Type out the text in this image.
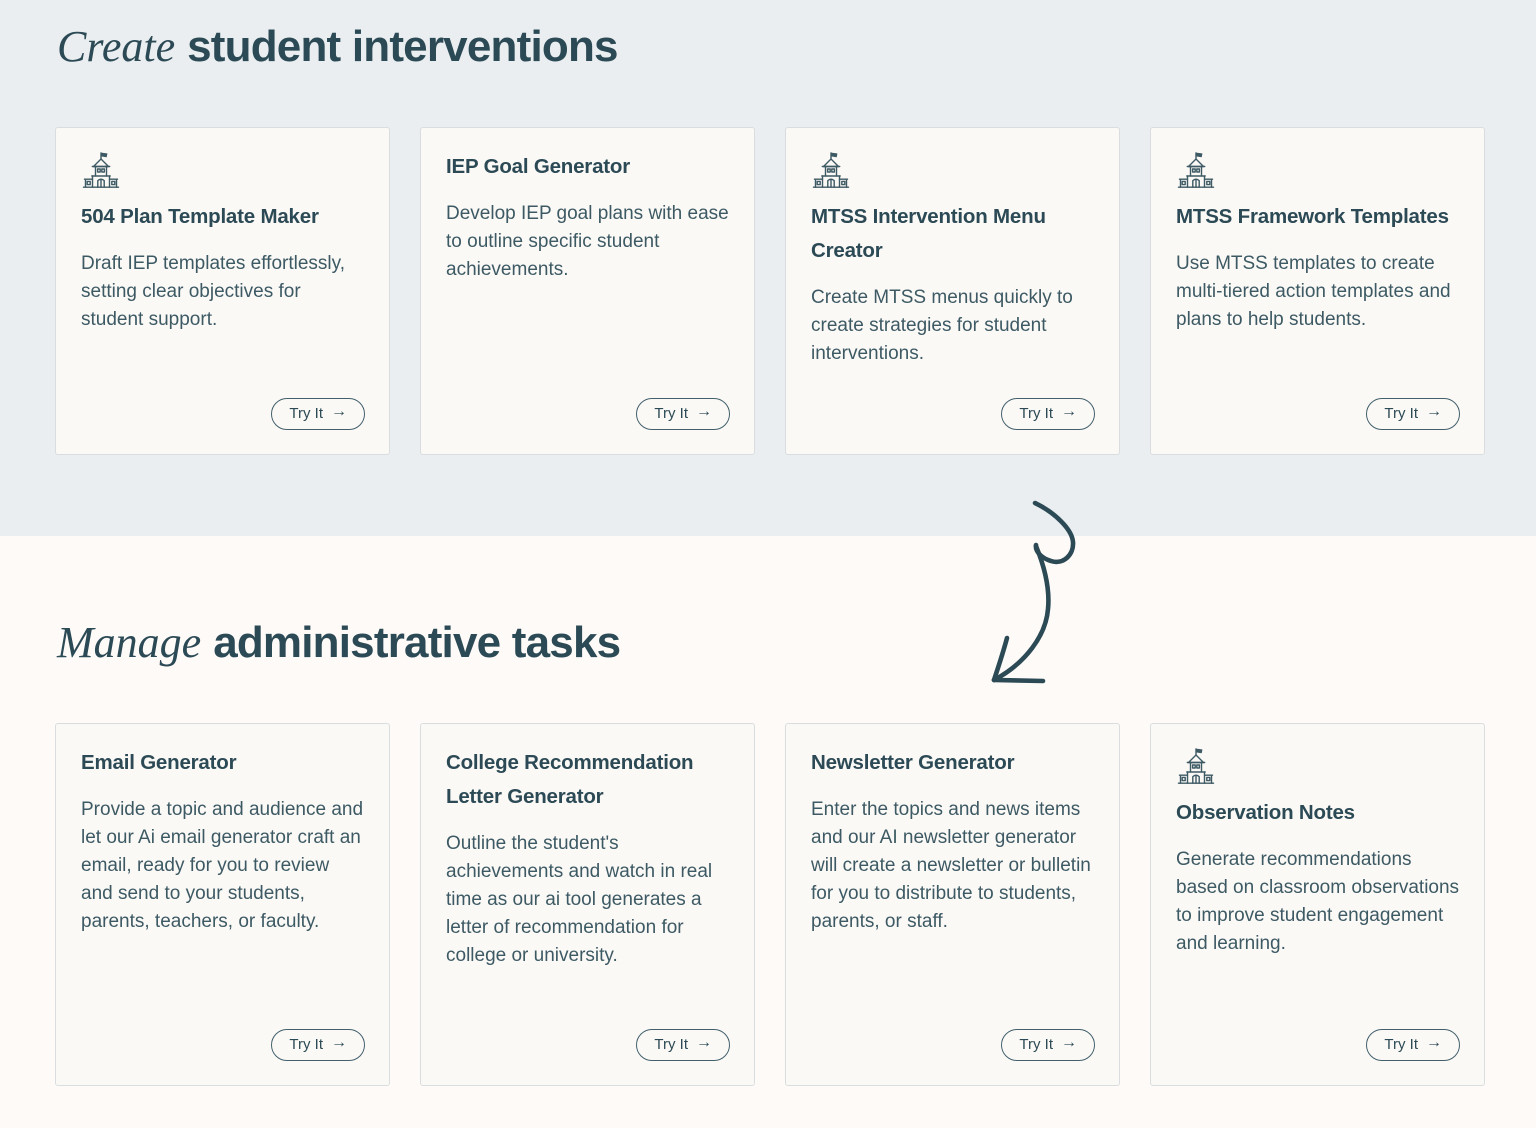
Create student interventions
504 Plan Template Maker

Draft IEP templates effortlessly, setting clear objectives for student support.

Try It →
IEP Goal Generator

Develop IEP goal plans with ease to outline specific student achievements.

Try It →
MTSS Intervention Menu Creator

Create MTSS menus quickly to create strategies for student interventions.

Try It →
MTSS Framework Templates

Use MTSS templates to create multi-tiered action templates and plans to help students.

Try It →
Manage administrative tasks
Email Generator

Provide a topic and audience and let our Ai email generator craft an email, ready for you to review and send to your students, parents, teachers, or faculty.

Try It →
College Recommendation Letter Generator

Outline the student's achievements and watch in real time as our ai tool generates a letter of recommendation for college or university.

Try It →
Newsletter Generator

Enter the topics and news items and our AI newsletter generator will create a newsletter or bulletin for you to distribute to students, parents, or staff.

Try It →
Observation Notes

Generate recommendations based on classroom observations to improve student engagement and learning.

Try It →
